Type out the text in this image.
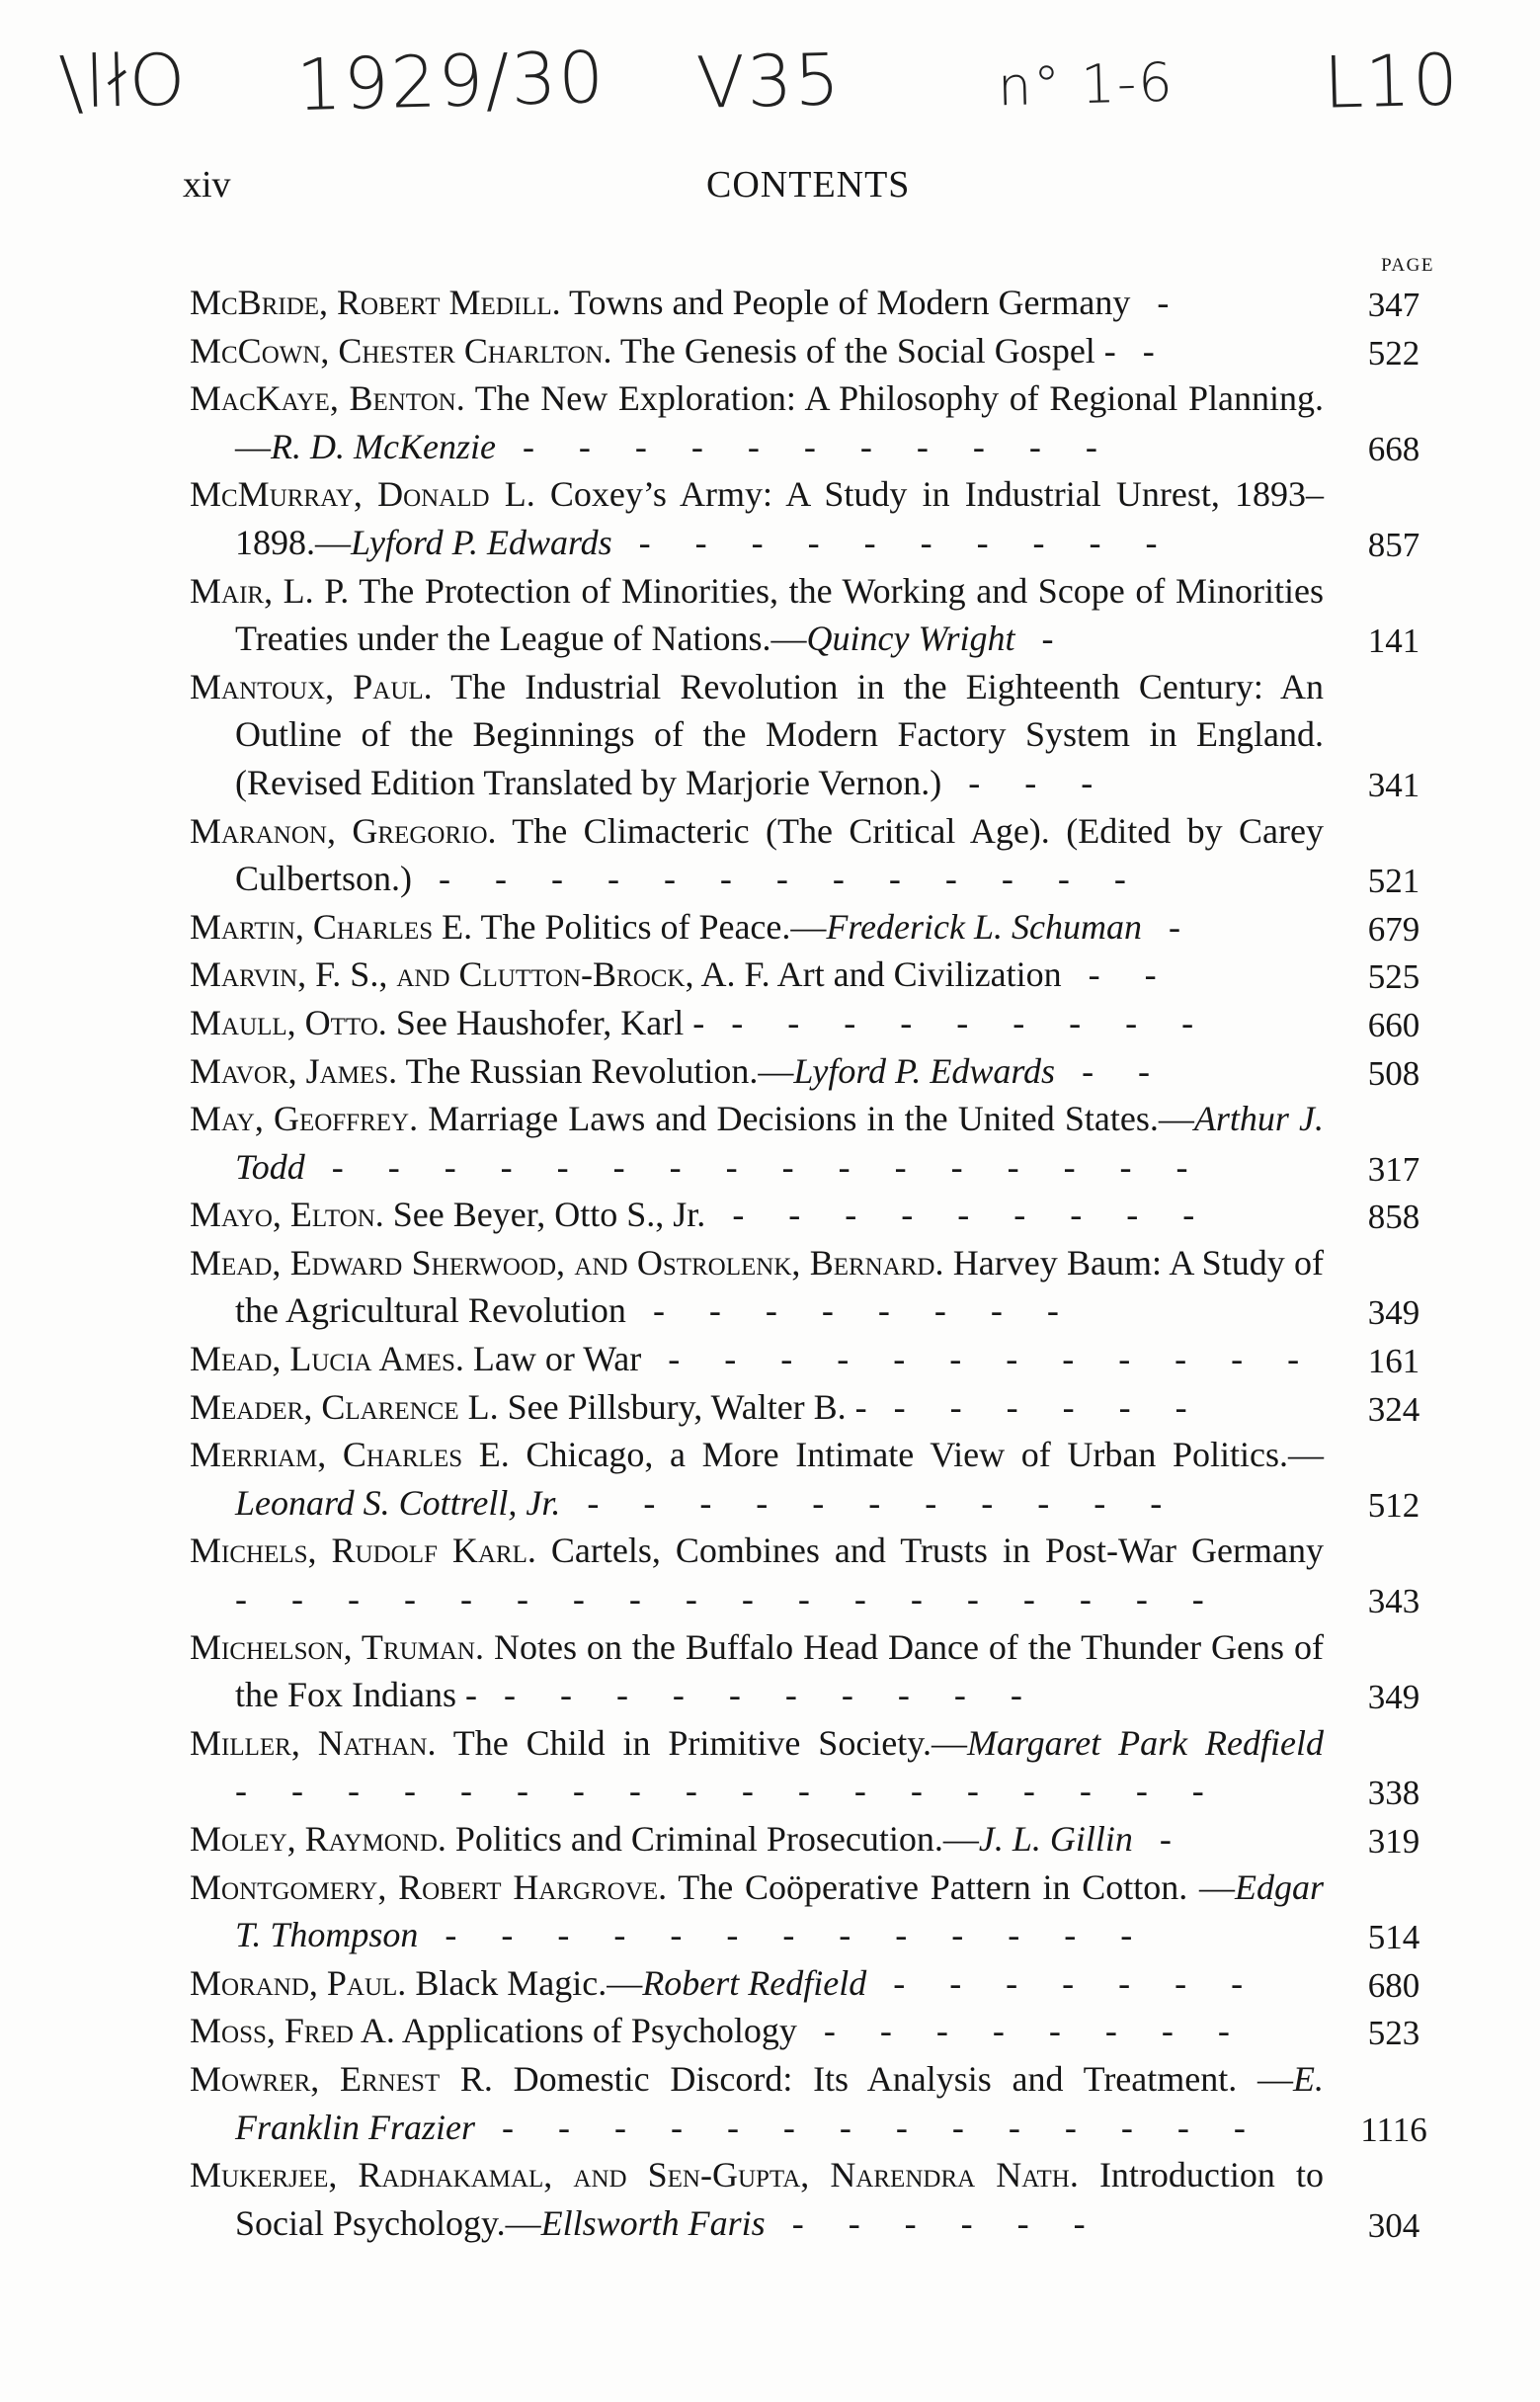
\lłO 1929/30 V35	n° 1-6 L10
xiv	CONTENTS
PAGE
McBride, Robert Medill. Towns and People of Modern Germany -	347
McCown, Chester Charlton. The Genesis of the Social Gospel - -	522
MacKaye, Benton. The New Exploration: A Philosophy of Regional Planning.—R. D. McKenzie - - - - - - - - - - -	668
McMurray, Donald L. Coxey’s Army: A Study in Industrial Unrest, 1893–1898.—Lyford P. Edwards - - - - - - - - - -	857
Mair, L. P. The Protection of Minorities, the Working and Scope of Minorities Treaties under the League of Nations.—Quincy Wright -	141
Mantoux, Paul. The Industrial Revolution in the Eighteenth Century: An Outline of the Beginnings of the Modern Factory System in England. (Revised Edition Translated by Marjorie Vernon.) - - -	341
Maranon, Gregorio. The Climacteric (The Critical Age). (Edited by Carey Culbertson.) - - - - - - - - - - - - -	521
Martin, Charles E. The Politics of Peace.—Frederick L. Schuman -	679
Marvin, F. S., and Clutton-Brock, A. F. Art and Civilization - -	525
Maull, Otto. See Haushofer, Karl - - - - - - - - - -	660
Mavor, James. The Russian Revolution.—Lyford P. Edwards - -	508
May, Geoffrey. Marriage Laws and Decisions in the United States.—Arthur J. Todd - - - - - - - - - - - - - - - -	317
Mayo, Elton. See Beyer, Otto S., Jr. - - - - - - - - -	858
Mead, Edward Sherwood, and Ostrolenk, Bernard. Harvey Baum: A Study of the Agricultural Revolution - - - - - - - -	349
Mead, Lucia Ames. Law or War - - - - - - - - - - - -	161
Meader, Clarence L. See Pillsbury, Walter B. - - - - - - -	324
Merriam, Charles E. Chicago, a More Intimate View of Urban Politics.—Leonard S. Cottrell, Jr. - - - - - - - - - - -	512
Michels, Rudolf Karl. Cartels, Combines and Trusts in Post-War Germany - - - - - - - - - - - - - - - - - -	343
Michelson, Truman. Notes on the Buffalo Head Dance of the Thunder Gens of the Fox Indians - - - - - - - - - - -	349
Miller, Nathan. The Child in Primitive Society.—Margaret Park Redfield - - - - - - - - - - - - - - - - - -	338
Moley, Raymond. Politics and Criminal Prosecution.—J. L. Gillin -	319
Montgomery, Robert Hargrove. The Coöperative Pattern in Cotton. —Edgar T. Thompson - - - - - - - - - - - - -	514
Morand, Paul. Black Magic.—Robert Redfield - - - - - - -	680
Moss, Fred A. Applications of Psychology - - - - - - - -	523
Mowrer, Ernest R. Domestic Discord: Its Analysis and Treatment. —E. Franklin Frazier - - - - - - - - - - - - - -	1116
Mukerjee, Radhakamal, and Sen-Gupta, Narendra Nath. Introduction to Social Psychology.—Ellsworth Faris - - - - - -	304
